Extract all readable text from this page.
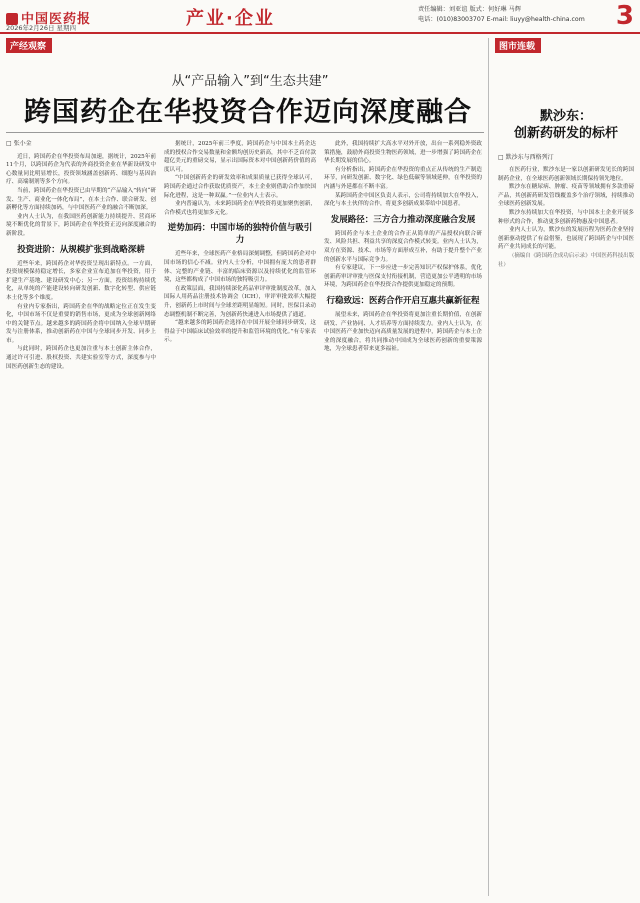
中国医药报	产业·企业	责任编辑：刘亚谊 版式：何好琳 马辉
电话：(010)83003707 E-mail: liuyy@health-china.com	3
2026年2月26日 星期四
产经观察	图市连载
从“产品输入”到“生态共建”
跨国药企在华投资合作迈向深度融合
□ 张小金

近日，跨国药企在华投资布局加速，据统计，2025年前11个月，以跨国药企为代表的外商投资企业在华新设研发中心数量同比明显增长，投资领域涵盖创新药、细胞与基因治疗、高端制剂等多个方向。

当前，跨国药企在华投资已由早期的“产品输入”转向“研发、生产、商业化一体化布局”，在本土合作、联合研发、创新孵化等方面持续加码，与中国医药产业的融合不断加深。

业内人士认为，在我国医药创新能力持续提升、营商环境不断优化的背景下，跨国药企在华投资正迈向深度融合的新阶段。

投资进阶：从规模扩张到战略深耕

近些年来，跨国药企对华投资呈现出新特点。一方面，投资规模保持稳定增长，多家企业宣布追加在华投资，用于扩建生产基地、建设研发中心；另一方面，投资结构持续优化，从单纯的产能建设转向研发创新、数字化转型、供应链本土化等多个维度。

有业内专家指出，跨国药企在华的战略定位正在发生变化，中国市场不仅是重要的销售市场，更成为全球创新网络中的关键节点。越来越多的跨国药企将中国纳入全球早期研发与注册体系，推动创新药在中国与全球同步开发、同步上市。

与此同时，跨国药企也更加注重与本土创新主体合作，通过许可引进、股权投资、共建实验室等方式，深度参与中国医药创新生态的建设。

据统计，2025年前三季度，跨国药企与中国本土药企达成的授权合作交易数量和金额均创历史新高，其中不乏首付款超亿美元的重磅交易，显示出国际资本对中国创新药价值的高度认可。

“中国创新药企的研发效率和成果质量已获得全球认可，跨国药企通过合作获取优质资产，本土企业则借助合作加快国际化进程，这是一种双赢。”一位业内人士表示。

业内普遍认为，未来跨国药企在华投资将更加聚焦创新，合作模式也将更加多元化。

逆势加码：中国市场的独特价值与吸引力

近些年来，全球医药产业格局深刻调整，但跨国药企对中国市场的信心不减。业内人士分析，中国拥有庞大的患者群体、完整的产业链、丰富的临床资源以及持续优化的监管环境，这些都构成了中国市场的独特吸引力。

在政策层面，我国持续深化药品审评审批制度改革，加入国际人用药品注册技术协调会（ICH），审评审批效率大幅提升，创新药上市时间与全球差距明显缩短。同时，医保目录动态调整机制不断完善，为创新药快速进入市场提供了通道。

“越来越多的跨国药企选择在中国开展全球同步研发，这得益于中国临床试验效率的提升和监管环境的优化。”有专家表示。

此外，我国持续扩大高水平对外开放，出台一系列稳外资政策措施，鼓励外商投资生物医药领域，进一步增强了跨国药企在华长期发展的信心。

有分析指出，跨国药企在华投资的重点正从传统的生产制造环节，向研发创新、数字化、绿色低碳等领域延伸，在华投资的内涵与外延都在不断丰富。

某跨国药企中国区负责人表示，公司将持续加大在华投入，深化与本土伙伴的合作，将更多创新成果带给中国患者。

发展路径：三方合力推动深度融合发展

跨国药企与本土企业的合作正从简单的产品授权向联合研发、风险共担、利益共享的深度合作模式转变。业内人士认为，双方在资源、技术、市场等方面形成互补，有助于提升整个产业的创新水平与国际竞争力。

有专家建议，下一步应进一步完善知识产权保护体系，优化创新药审评审批与医保支付衔接机制，营造更加公平透明的市场环境，为跨国药企在华投资合作提供更加稳定的预期。

行稳致远：医药合作开启互惠共赢新征程

展望未来，跨国药企在华投资将更加注重长期价值，在创新研发、产业协同、人才培养等方面持续发力。业内人士认为，在中国医药产业加快迈向高质量发展的进程中，跨国药企与本土企业的深度融合，将共同推动中国成为全球医药创新的重要策源地，为全球患者带来更多福祉。

默沙东：
创新药研发的标杆
□ 默沙东与西格列汀

在医药行业，默沙东是一家以创新研发见长的跨国制药企业，在全球医药创新领域长期保持领先地位。

默沙东在糖尿病、肿瘤、疫苗等领域拥有多款重磅产品，其创新药研发管线覆盖多个治疗领域，持续推动全球医药创新发展。

默沙东持续加大在华投资，与中国本土企业开展多种形式的合作，推动更多创新药物惠及中国患者。

业内人士认为，默沙东的发展历程为医药企业坚持创新驱动提供了有益借鉴，也展现了跨国药企与中国医药产业共同成长的可能。

（摘编自《跨国药企成功启示录》中国医药科技出版社）
